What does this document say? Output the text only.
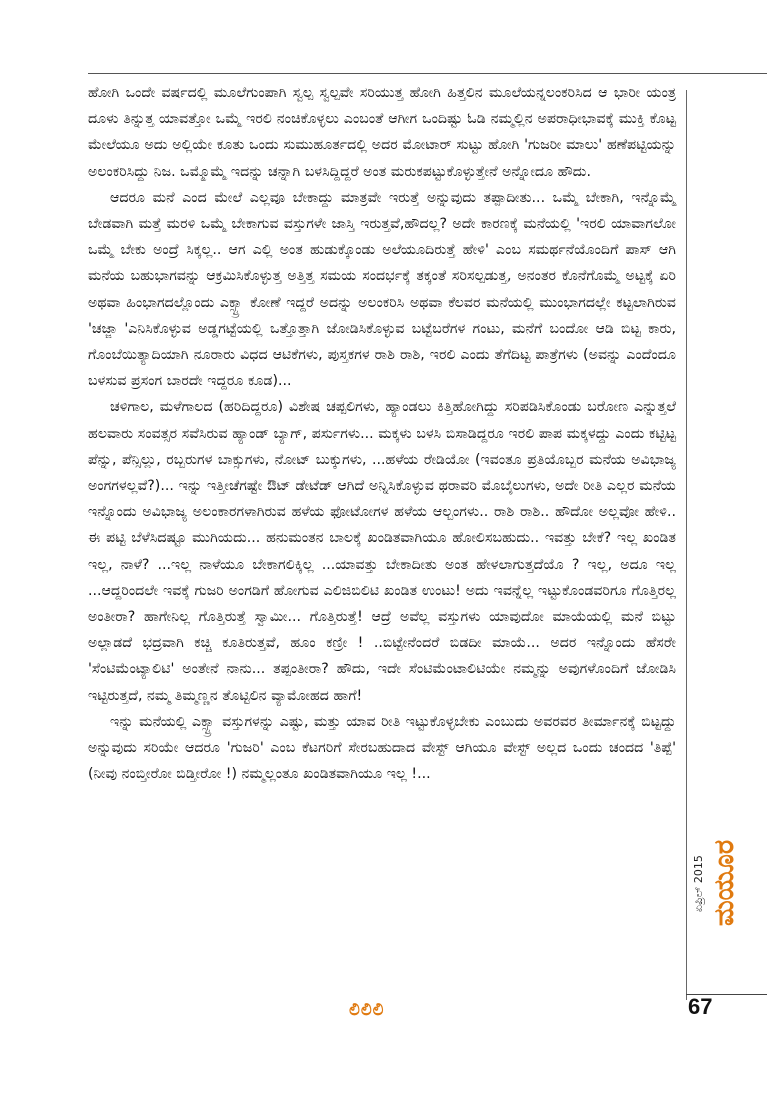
ಹೋಗಿ ಒಂದೇ ವರ್ಷದಲ್ಲಿ ಮೂಲೆಗುಂಪಾಗಿ ಸ್ವಲ್ಪ ಸ್ವಲ್ಪವೇ ಸರಿಯುತ್ತ ಹೋಗಿ ಹಿತ್ತಲಿನ ಮೂಲೆಯನ್ನಲಂಕರಿಸಿದ ಆ ಭಾರೀ ಯಂತ್ರ ದೂಳು ತಿನ್ನುತ್ತ ಯಾವತ್ತೋ ಒಮ್ಮೆ ಇರಲಿ ನಂಚಿಕೊಳ್ಳಲು ಎಂಬಂತೆ ಆಗೀಗ ಒಂದಿಷ್ಟು ಓಡಿ ನಮ್ಮಲ್ಲಿನ ಅಪರಾಧೀಭಾವಕ್ಕೆ ಮುಕ್ತಿ ಕೊಟ್ಟ ಮೇಲೆಯೂ ಅದು ಅಲ್ಲಿಯೇ ಕೂತು ಒಂದು ಸುಮುಹೂರ್ತದಲ್ಲಿ ಅದರ ಮೋಟಾರ್ ಸುಟ್ಟು ಹೋಗಿ 'ಗುಜರೀ ಮಾಲು' ಹಣೆಪಟ್ಟಿಯನ್ನು ಅಲಂಕರಿಸಿದ್ದು ನಿಜ. ಒಮ್ಮೊಮ್ಮೆ ಇದನ್ನು ಚನ್ನಾಗಿ ಬಳಸಿದ್ದಿದ್ದರೆ ಅಂತ ಮರುಕಪಟ್ಟುಕೊಳ್ಳುತ್ತೇನೆ ಅನ್ನೋದೂ ಹೌದು.

ಆದರೂ ಮನೆ ಎಂದ ಮೇಲೆ ಎಲ್ಲವೂ ಬೇಕಾದ್ದು ಮಾತ್ರವೇ ಇರುತ್ತೆ ಅನ್ನುವುದು ತಪ್ಪಾದೀತು... ಒಮ್ಮೆ ಬೇಕಾಗಿ, ಇನ್ನೊಮ್ಮೆ ಬೇಡವಾಗಿ ಮತ್ತೆ ಮರಳಿ ಒಮ್ಮೆ ಬೇಕಾಗುವ ವಸ್ತುಗಳೇ ಜಾಸ್ತಿ ಇರುತ್ತವೆ,ಹೌದಲ್ಲ? ಅದೇ ಕಾರಣಕ್ಕೆ ಮನೆಯಲ್ಲಿ 'ಇರಲಿ ಯಾವಾಗಲೋ ಒಮ್ಮೆ ಬೇಕು ಅಂದ್ರೆ ಸಿಕ್ಕಲ್ಲ.. ಆಗ ಎಲ್ಲಿ ಅಂತ ಹುಡುಕ್ಕೊಂಡು ಅಲೆಯೂದಿರುತ್ತೆ ಹೇಳಿ' ಎಂಬ ಸಮರ್ಥನೆಯೊಂದಿಗೆ ಪಾಸ್ ಆಗಿ ಮನೆಯ ಬಹುಭಾಗವನ್ನು ಆಕ್ರಮಿಸಿಕೊಳ್ಳುತ್ತ ಅತ್ತಿತ್ತ ಸಮಯ ಸಂದರ್ಭಕ್ಕೆ ತಕ್ಕಂತೆ ಸರಿಸಲ್ಪಡುತ್ತ, ಅನಂತರ ಕೊನೆಗೊಮ್ಮೆ ಅಟ್ಟಕ್ಕೆ ಏರಿ ಅಥವಾ ಹಿಂಭಾಗದಲ್ಲೊಂದು ಎಕ್ಸ್ಟ್ರಾ ಕೋಣೆ ಇದ್ದರೆ ಅದನ್ನು ಅಲಂಕರಿಸಿ ಅಥವಾ ಕೆಲವರ ಮನೆಯಲ್ಲಿ ಮುಂಭಾಗದಲ್ಲೇ ಕಟ್ಟಲಾಗಿರುವ 'ಚಜ್ಜಾ 'ಎನಿಸಿಕೊಳ್ಳುವ ಅಡ್ಡಗಟ್ಟೆಯಲ್ಲಿ ಒತ್ತೊತ್ತಾಗಿ ಜೋಡಿಸಿಕೊಳ್ಳುವ ಬಟ್ಟೆಬರೆಗಳ ಗಂಟು, ಮನೆಗೆ ಬಂದೋ ಆಡಿ ಬಿಟ್ಟ ಕಾರು, ಗೊಂಬೆಯಿತ್ಯಾದಿಯಾಗಿ ನೂರಾರು ವಿಧದ ಆಟಿಕೆಗಳು, ಪುಸ್ತಕಗಳ ರಾಶಿ ರಾಶಿ, ಇರಲಿ ಎಂದು ತೆಗೆದಿಟ್ಟ ಪಾತ್ರೆಗಳು (ಅವನ್ನು ಎಂದೆಂದೂ ಬಳಸುವ ಪ್ರಸಂಗ ಬಾರದೇ ಇದ್ದರೂ ಕೂಡ)...

ಚಳಿಗಾಲ, ಮಳೆಗಾಲದ (ಹರಿದಿದ್ದರೂ) ವಿಶೇಷ ಚಪ್ಪಲಿಗಳು, ಹ್ಯಾಂಡಲು ಕಿತ್ತಿಹೋಗಿದ್ದು ಸರಿಪಡಿಸಿಕೊಂಡು ಬರೋಣ ಎನ್ನುತ್ತಲೆ ಹಲವಾರು ಸಂವತ್ಸರ ಸವೆಸಿರುವ ಹ್ಯಾಂಡ್ ಬ್ಯಾಗ್, ಪರ್ಸುಗಳು... ಮಕ್ಕಳು ಬಳಸಿ ಬಿಸಾಡಿದ್ದರೂ ಇರಲಿ ಪಾಪ ಮಕ್ಕಳದ್ದು ಎಂದು ಕಟ್ಟಿಟ್ಟ ಪೆನ್ನು, ಪೆನ್ಸಿಲ್ಲು, ರಬ್ಬರುಗಳ ಬಾಕ್ಸುಗಳು, ನೋಟ್ ಬುಕ್ಕುಗಳು, ...ಹಳೆಯ ರೇಡಿಯೋ (ಇವಂತೂ ಪ್ರತಿಯೊಬ್ಬರ ಮನೆಯ ಅವಿಭಾಜ್ಯ ಅಂಗಗಳಲ್ಲವೆ?)... ಇನ್ನು ಇತ್ತೀಚೆಗಷ್ಟೇ ಔಟ್ ಡೇಟೆಡ್ ಆಗಿದೆ ಅನ್ನಿಸಿಕೊಳ್ಳುವ ಥರಾವರಿ ಮೊಬೈಲುಗಳು, ಅದೇ ರೀತಿ ಎಲ್ಲರ ಮನೆಯ ಇನ್ನೊಂದು ಅವಿಭಾಜ್ಯ ಅಲಂಕಾರಗಳಾಗಿರುವ ಹಳೆಯ ಫೋಟೋಗಳ ಹಳೆಯ ಆಲ್ಬಂಗಳು.. ರಾಶಿ ರಾಶಿ.. ಹೌದೋ ಅಲ್ಲವೋ ಹೇಳಿ.. ಈ ಪಟ್ಟಿ ಬೆಳೆಸಿದಷ್ಟೂ ಮುಗಿಯದು... ಹನುಮಂತನ ಬಾಲಕ್ಕೆ ಖಂಡಿತವಾಗಿಯೂ ಹೋಲಿಸಬಹುದು.. ಇವತ್ತು ಬೇಕೆ? ಇಲ್ಲ ಖಂಡಿತ ಇಲ್ಲ, ನಾಳೆ? ...ಇಲ್ಲ ನಾಳೆಯೂ ಬೇಕಾಗಲಿಕ್ಕಿಲ್ಲ ...ಯಾವತ್ತು ಬೇಕಾದೀತು ಅಂತ ಹೇಳಲಾಗುತ್ತದೆಯೊ ? ಇಲ್ಲ, ಅದೂ ಇಲ್ಲ ...ಆದ್ದರಿಂದಲೇ ಇವಕ್ಕೆ ಗುಜರಿ ಅಂಗಡಿಗೆ ಹೋಗುವ ಎಲಿಜಿಬಿಲಿಟಿ ಖಂಡಿತ ಉಂಟು! ಅದು ಇವನ್ನೆಲ್ಲ ಇಟ್ಟುಕೊಂಡವರಿಗೂ ಗೊತ್ತಿರಲ್ಲ ಅಂತೀರಾ? ಹಾಗೇನಿಲ್ಲ ಗೊತ್ತಿರುತ್ತೆ ಸ್ವಾಮೀ... ಗೊತ್ತಿರುತ್ತೆ! ಆದ್ರೆ ಅವೆಲ್ಲ ವಸ್ತುಗಳು ಯಾವುದೋ ಮಾಯೆಯಲ್ಲಿ ಮನೆ ಬಿಟ್ಟು ಅಲ್ಲಾಡದೆ ಭದ್ರವಾಗಿ ಕಚ್ಚಿ ಕೂತಿರುತ್ತವೆ, ಹೂಂ ಕಣ್ರೀ ! ..ಬಿಟ್ಟೇನೆಂದರೆ ಬಿಡದೀ ಮಾಯೆ... ಅದರ ಇನ್ನೊಂದು ಹೆಸರೇ 'ಸೆಂಟಿಮೆಂಟ್ಯಾಲಿಟಿ' ಅಂತೇನೆ ನಾನು... ತಪ್ಪಂತೀರಾ? ಹೌದು, ಇದೇ ಸೆಂಟಿಮೆಂಟಾಲಿಟಿಯೇ ನಮ್ಮನ್ನು ಅವುಗಳೊಂದಿಗೆ ಜೋಡಿಸಿ ಇಟ್ಟಿರುತ್ತದೆ, ನಮ್ಮ ತಿಮ್ಮಣ್ಣನ ತೊಟ್ಟಿಲಿನ ವ್ಯಾಮೋಹದ ಹಾಗೆ!

ಇನ್ನು ಮನೆಯಲ್ಲಿ ಎಕ್ಸ್ಟ್ರಾ ವಸ್ತುಗಳನ್ನು ಎಷ್ಟು, ಮತ್ತು ಯಾವ ರೀತಿ ಇಟ್ಟುಕೊಳ್ಳಬೇಕು ಎಂಬುದು ಅವರವರ ತೀರ್ಮಾನಕ್ಕೆ ಬಿಟ್ಟದ್ದು ಅನ್ನುವುದು ಸರಿಯೇ ಆದರೂ 'ಗುಜರಿ' ಎಂಬ ಕೆಟಗರಿಗೆ ಸೇರಬಹುದಾದ ವೇಸ್ಟ್ ಆಗಿಯೂ ವೇಸ್ಟ್ ಅಲ್ಲದ ಒಂದು ಚಂದದ 'ತಿಪ್ಪೆ' (ನೀವು ನಂಬ್ತೀರೋ ಬಿಡ್ತೀರೋ !) ನಮ್ಮಲ್ಲಂತೂ ಖಂಡಿತವಾಗಿಯೂ ಇಲ್ಲ !...

ಏಪ್ರಿಲ್ 2015 ಮಯೂರ
67
ಲಿಲಿಲಿ
